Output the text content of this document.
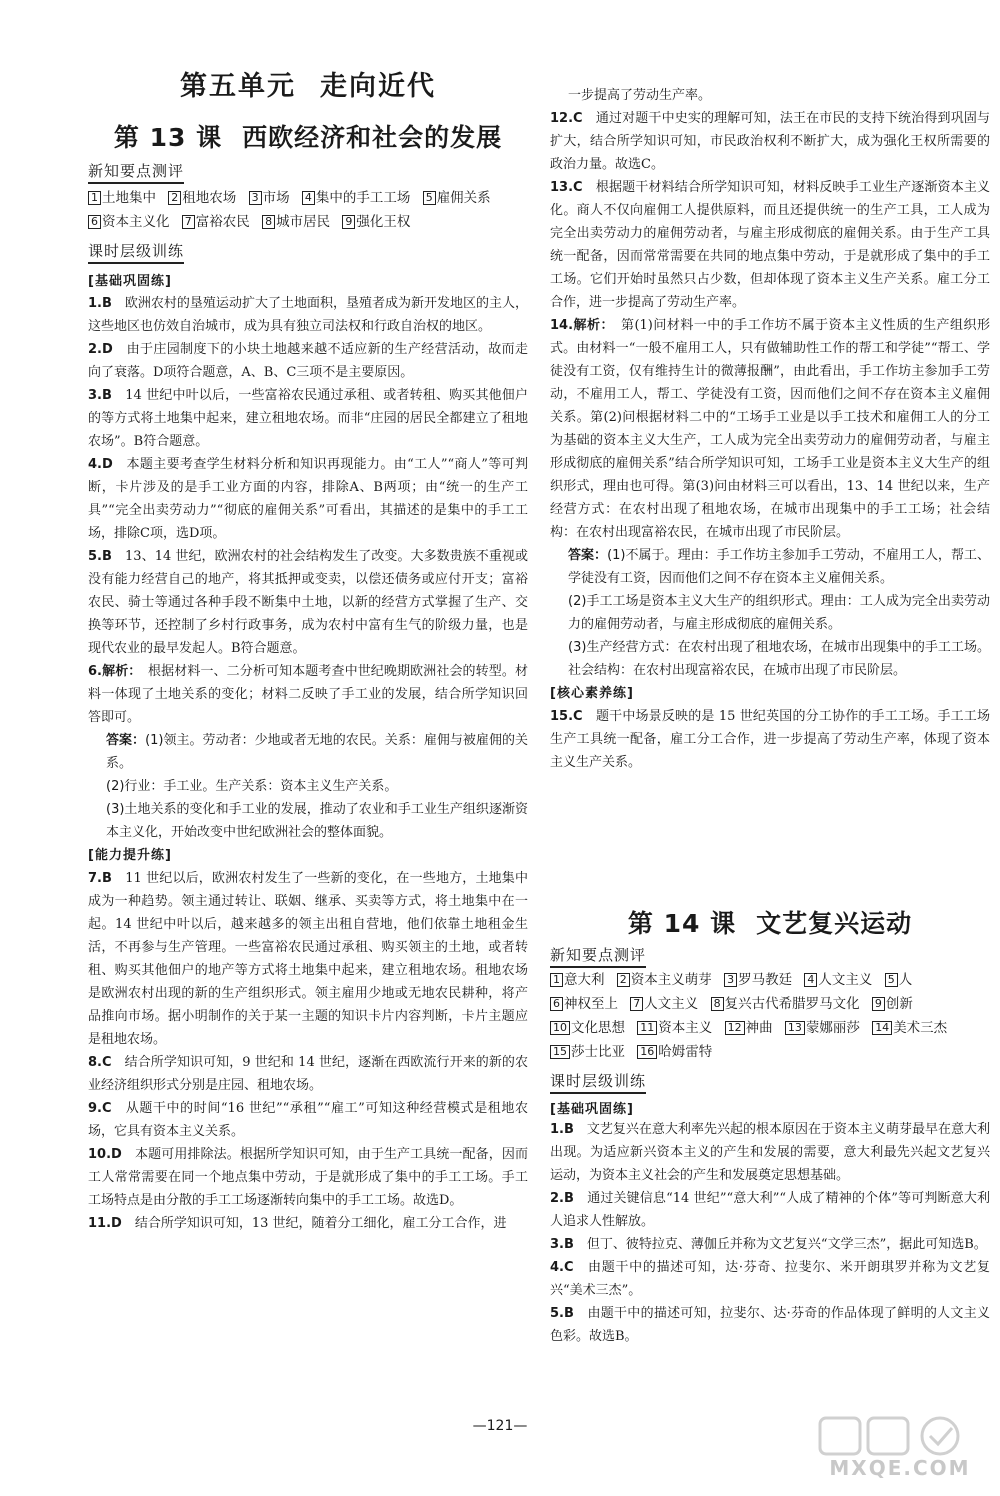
第五单元 走向近代
第 13 课 西欧经济和社会的发展
新知要点测评
1 土地集中 2 租地农场 3 市场 4 集中的手工工场 5 雇佣关系 6 资本主义化 7 富裕农民 8 城市居民 9 强化王权
课时层级训练
[基础巩固练]

1.B　 欧洲农村的垦殖运动扩大了土地面积，垦殖者成为新开发地区的主人，这些地区也仿效自治城市，成为具有独立司法权和行政自治权的地区。

2.D　 由于庄园制度下的小块土地越来越不适应新的生产经营活动，故而走向了衰落。D项符合题意，A、B、C三项不是主要原因。

3.B　 14 世纪中叶以后，一些富裕农民通过承租、或者转租、购买其他佃户的等方式将土地集中起来，建立租地农场。而非“庄园的居民全都建立了租地农场”。B符合题意。

4.D　 本题主要考查学生材料分析和知识再现能力。由“工人”“商人”等可判断，卡片涉及的是手工业方面的内容，排除A、B两项；由“统一的生产工具”“完全出卖劳动力”“彻底的雇佣关系”可看出，其描述的是集中的手工工场，排除C项，选D项。

5.B　 13、14 世纪，欧洲农村的社会结构发生了改变。大多数贵族不重视或没有能力经营自己的地产，将其抵押或变卖，以偿还债务或应付开支；富裕农民、骑士等通过各种手段不断集中土地，以新的经营方式掌握了生产、交换等环节，还控制了乡村行政事务，成为农村中富有生气的阶级力量，也是现代农业的最早发起人。B符合题意。

6.解析：　 根据材料一、二分析可知本题考查中世纪晚期欧洲社会的转型。材料一体现了土地关系的变化；材料二反映了手工业的发展，结合所学知识回答即可。

答案：(1)领主。劳动者：少地或者无地的农民。关系：雇佣与被雇佣的关系。

(2)行业：手工业。生产关系：资本主义生产关系。

(3)土地关系的变化和手工业的发展，推动了农业和手工业生产组织逐渐资本主义化，开始改变中世纪欧洲社会的整体面貌。

[能力提升练]

7.B　 11 世纪以后，欧洲农村发生了一些新的变化，在一些地方，土地集中成为一种趋势。领主通过转让、联姻、继承、买卖等方式，将土地集中在一起。14 世纪中叶以后，越来越多的领主出租自营地，他们依靠土地租金生活，不再参与生产管理。一些富裕农民通过承租、购买领主的土地，或者转租、购买其他佃户的地产等方式将土地集中起来，建立租地农场。租地农场是欧洲农村出现的新的生产组织形式。领主雇用少地或无地农民耕种，将产品推向市场。据小明制作的关于某一主题的知识卡片内容判断，卡片主题应是租地农场。

8.C　 结合所学知识可知，9 世纪和 14 世纪，逐渐在西欧流行开来的新的农业经济组织形式分别是庄园、租地农场。

9.C　 从题干中的时间“16 世纪”“承租”“雇工”可知这种经营模式是租地农场，它具有资本主义关系。

10.D　 本题可用排除法。根据所学知识可知，由于生产工具统一配备，因而工人常常需要在同一个地点集中劳动，于是就形成了集中的手工工场。手工工场特点是由分散的手工工场逐渐转向集中的手工工场。故选D。

11.D　 结合所学知识可知，13 世纪，随着分工细化，雇工分工合作，进

一步提高了劳动生产率。

12.C　 通过对题干中史实的理解可知，法王在市民的支持下统治得到巩固与扩大，结合所学知识可知，市民政治权利不断扩大，成为强化王权所需要的政治力量。故选C。

13.C　 根据题干材料结合所学知识可知，材料反映手工业生产逐渐资本主义化。商人不仅向雇佣工人提供原料，而且还提供统一的生产工具，工人成为完全出卖劳动力的雇佣劳动者，与雇主形成彻底的雇佣关系。由于生产工具统一配备，因而常常需要在共同的地点集中劳动，于是就形成了集中的手工工场。它们开始时虽然只占少数，但却体现了资本主义生产关系。雇工分工合作，进一步提高了劳动生产率。

14.解析：　 第(1)问材料一中的手工作坊不属于资本主义性质的生产组织形式。由材料一“一般不雇用工人，只有做辅助性工作的帮工和学徒”“帮工、学徒没有工资，仅有维持生计的微薄报酬”，由此看出，手工作坊主参加手工劳动，不雇用工人，帮工、学徒没有工资，因而他们之间不存在资本主义雇佣关系。第(2)问根据材料二中的“工场手工业是以手工技术和雇佣工人的分工为基础的资本主义大生产，工人成为完全出卖劳动力的雇佣劳动者，与雇主形成彻底的雇佣关系”结合所学知识可知，工场手工业是资本主义大生产的组织形式，理由也可得。第(3)问由材料三可以看出，13、14 世纪以来，生产经营方式：在农村出现了租地农场，在城市出现集中的手工工场；社会结构：在农村出现富裕农民，在城市出现了市民阶层。

答案：(1)不属于。理由：手工作坊主参加手工劳动，不雇用工人，帮工、学徒没有工资，因而他们之间不存在资本主义雇佣关系。

(2)手工工场是资本主义大生产的组织形式。理由：工人成为完全出卖劳动力的雇佣劳动者，与雇主形成彻底的雇佣关系。

(3)生产经营方式：在农村出现了租地农场，在城市出现集中的手工工场。社会结构：在农村出现富裕农民，在城市出现了市民阶层。

[核心素养练]

15.C　 题干中场景反映的是 15 世纪英国的分工协作的手工工场。手工工场生产工具统一配备，雇工分工合作，进一步提高了劳动生产率，体现了资本主义生产关系。

第 14 课 文艺复兴运动
新知要点测评
1 意大利 2 资本主义萌芽 3 罗马教廷 4 人文主义 5 人 6 神权至上 7 人文主义 8 复兴古代希腊罗马文化 9 创新 10 文化思想 11 资本主义 12 神曲 13 蒙娜丽莎 14 美术三杰 15 莎士比亚 16 哈姆雷特
课时层级训练
[基础巩固练]

1.B　 文艺复兴在意大利率先兴起的根本原因在于资本主义萌芽最早在意大利出现。为适应新兴资本主义的产生和发展的需要，意大利最先兴起文艺复兴运动，为资本主义社会的产生和发展奠定思想基础。

2.B　 通过关键信息“14 世纪”“意大利”“人成了精神的个体”等可判断意大利人追求人性解放。

3.B　 但丁、彼特拉克、薄伽丘并称为文艺复兴“文学三杰”，据此可知选B。

4.C　 由题干中的描述可知，达·芬奇、拉斐尔、米开朗琪罗并称为文艺复兴“美术三杰”。

5.B　 由题干中的描述可知，拉斐尔、达·芬奇的作品体现了鲜明的人文主义色彩。故选B。

—121—
MXQE.COM
